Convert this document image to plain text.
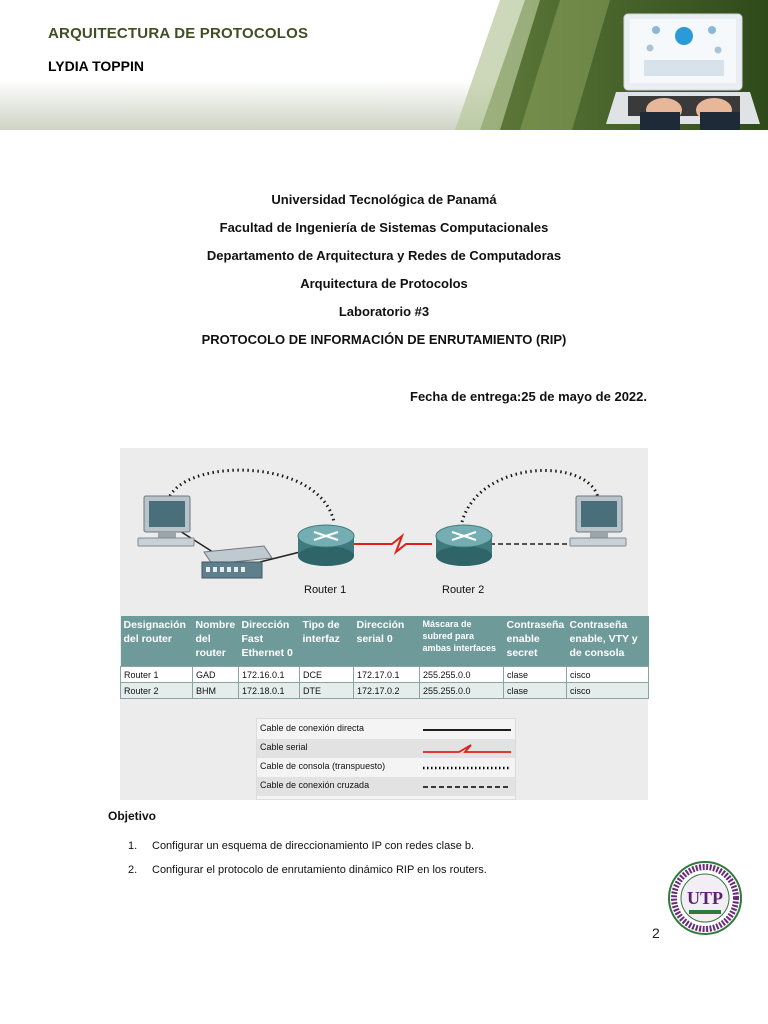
ARQUITECTURA DE PROTOCOLOS
LYDIA TOPPIN
Universidad Tecnológica de Panamá
Facultad de Ingeniería de Sistemas Computacionales
Departamento de Arquitectura y Redes de Computadoras
Arquitectura de Protocolos
Laboratorio #3
PROTOCOLO DE INFORMACIÓN DE ENRUTAMIENTO (RIP)
Fecha de entrega:25 de mayo de 2022.
Router 1	Router 2
Designación del router	Nombre del router	Dirección Fast Ethernet 0	Tipo de interfaz	Dirección serial 0	Máscara de subred para ambas interfaces	Contraseña enable secret	Contraseña enable, VTY y de consola
Router 1	GAD	172.16.0.1	DCE	172.17.0.1	255.255.0.0	clase	cisco
Router 2	BHM	172.18.0.1	DTE	172.17.0.2	255.255.0.0	clase	cisco
Cable de conexión directa
Cable serial
Cable de consola (transpuesto)
Cable de conexión cruzada
Objetivo
1. Configurar un esquema de direccionamiento IP con redes clase b.
2. Configurar el protocolo de enrutamiento dinámico RIP en los routers.
UTP
2
